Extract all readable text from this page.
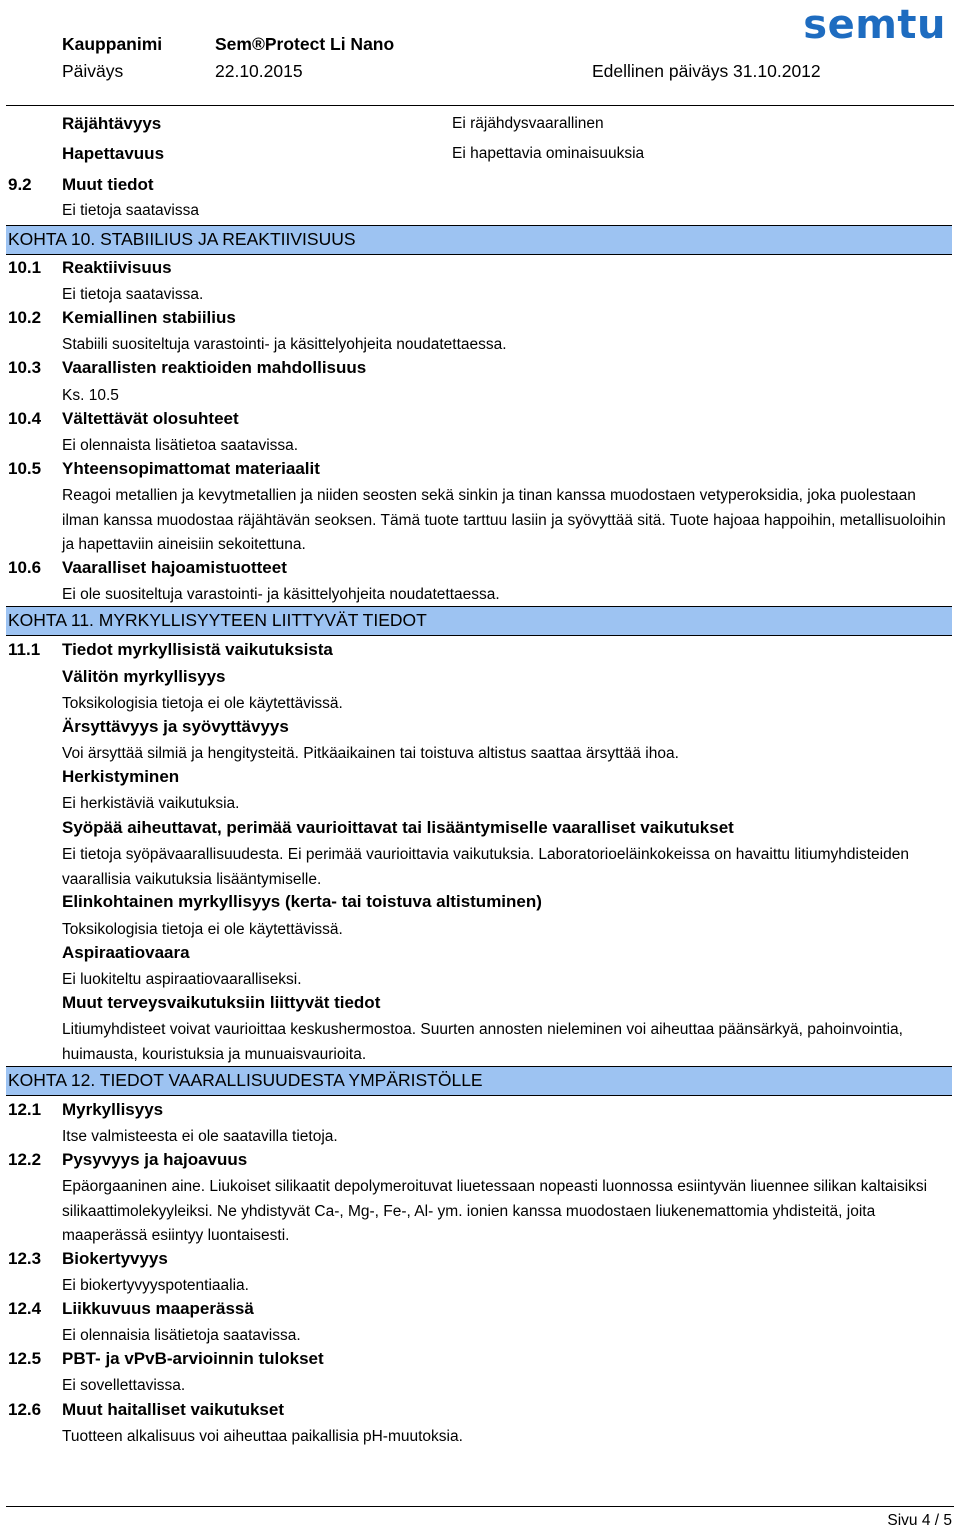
Kauppanimi	Sem®Protect Li Nano
Päiväys	22.10.2015	Edellinen päiväys 31.10.2012
semtu
Räjähtävyys	Ei räjähdysvaarallinen
Hapettavuus	Ei hapettavia ominaisuuksia
9.2 Muut tiedot
Ei tietoja saatavissa
KOHTA 10. STABIILIUS JA REAKTIIVISUUS
10.1 Reaktiivisuus
Ei tietoja saatavissa.
10.2 Kemiallinen stabiilius
Stabiili suositeltuja varastointi- ja käsittelyohjeita noudatettaessa.
10.3 Vaarallisten reaktioiden mahdollisuus
Ks. 10.5
10.4 Vältettävät olosuhteet
Ei olennaista lisätietoa saatavissa.
10.5 Yhteensopimattomat materiaalit
Reagoi metallien ja kevytmetallien ja niiden seosten sekä sinkin ja tinan kanssa muodostaen vetyperoksidia, joka puolestaan ilman kanssa muodostaa räjähtävän seoksen. Tämä tuote tarttuu lasiin ja syövyttää sitä. Tuote hajoaa happoihin, metallisuoloihin ja hapettaviin aineisiin sekoitettuna.
10.6 Vaaralliset hajoamistuotteet
Ei ole suositeltuja varastointi- ja käsittelyohjeita noudatettaessa.
KOHTA 11. MYRKYLLISYYTEEN LIITTYVÄT TIEDOT
11.1 Tiedot myrkyllisistä vaikutuksista
Välitön myrkyllisyys
Toksikologisia tietoja ei ole käytettävissä.
Ärsyttävyys ja syövyttävyys
Voi ärsyttää silmiä ja hengitysteitä. Pitkäaikainen tai toistuva altistus saattaa ärsyttää ihoa.
Herkistyminen
Ei herkistäviä vaikutuksia.
Syöpää aiheuttavat, perimää vaurioittavat tai lisääntymiselle vaaralliset vaikutukset
Ei tietoja syöpävaarallisuudesta. Ei perimää vaurioittavia vaikutuksia. Laboratorioeläinkokeissa on havaittu litiumyhdisteiden vaarallisia vaikutuksia lisääntymiselle.
Elinkohtainen myrkyllisyys (kerta- tai toistuva altistuminen)
Toksikologisia tietoja ei ole käytettävissä.
Aspiraatiovaara
Ei luokiteltu aspiraatiovaaralliseksi.
Muut terveysvaikutuksiin liittyvät tiedot
Litiumyhdisteet voivat vaurioittaa keskushermostoa. Suurten annosten nieleminen voi aiheuttaa päänsärkyä, pahoinvointia, huimausta, kouristuksia ja munuaisvaurioita.
KOHTA 12. TIEDOT VAARALLISUUDESTA YMPÄRISTÖLLE
12.1 Myrkyllisyys
Itse valmisteesta ei ole saatavilla tietoja.
12.2 Pysyvyys ja hajoavuus
Epäorgaaninen aine. Liukoiset silikaatit depolymeroituvat liuetessaan nopeasti luonnossa esiintyvän liuennee silikan kaltaisiksi silikaattimolekyyleiksi. Ne yhdistyvät Ca-, Mg-, Fe-, Al- ym. ionien kanssa muodostaen liukenemattomia yhdisteitä, joita maaperässä esiintyy luontaisesti.
12.3 Biokertyvyys
Ei biokertyvyyspotentiaalia.
12.4 Liikkuvuus maaperässä
Ei olennaisia lisätietoja saatavissa.
12.5 PBT- ja vPvB-arvioinnin tulokset
Ei sovellettavissa.
12.6 Muut haitalliset vaikutukset
Tuotteen alkalisuus voi aiheuttaa paikallisia pH-muutoksia.
Sivu 4 / 5
